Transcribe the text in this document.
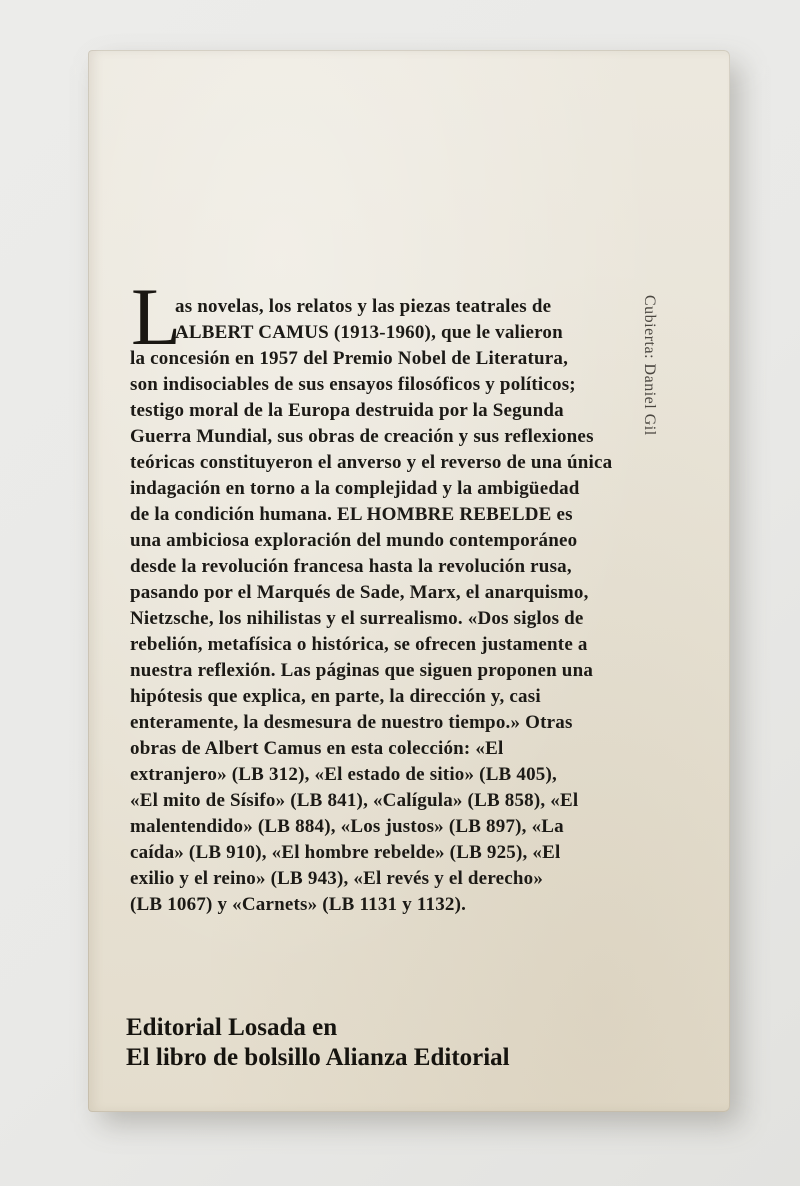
L
as novelas, los relatos y las piezas teatrales de
ALBERT CAMUS (1913-1960), que le valieron
la concesión en 1957 del Premio Nobel de Literatura,
son indisociables de sus ensayos filosóficos y políticos;
testigo moral de la Europa destruida por la Segunda
Guerra Mundial, sus obras de creación y sus reflexiones
teóricas constituyeron el anverso y el reverso de una única
indagación en torno a la complejidad y la ambigüedad
de la condición humana. EL HOMBRE REBELDE es
una ambiciosa exploración del mundo contemporáneo
desde la revolución francesa hasta la revolución rusa,
pasando por el Marqués de Sade, Marx, el anarquismo,
Nietzsche, los nihilistas y el surrealismo. «Dos siglos de
rebelión, metafísica o histórica, se ofrecen justamente a
nuestra reflexión. Las páginas que siguen proponen una
hipótesis que explica, en parte, la dirección y, casi
enteramente, la desmesura de nuestro tiempo.» Otras
obras de Albert Camus en esta colección: «El
extranjero» (LB 312), «El estado de sitio» (LB 405),
«El mito de Sísifo» (LB 841), «Calígula» (LB 858), «El
malentendido» (LB 884), «Los justos» (LB 897), «La
caída» (LB 910), «El hombre rebelde» (LB 925), «El
exilio y el reino» (LB 943), «El revés y el derecho»
(LB 1067) y «Carnets» (LB 1131 y 1132).
Cubierta: Daniel Gil
Editorial Losada en
El libro de bolsillo Alianza Editorial
